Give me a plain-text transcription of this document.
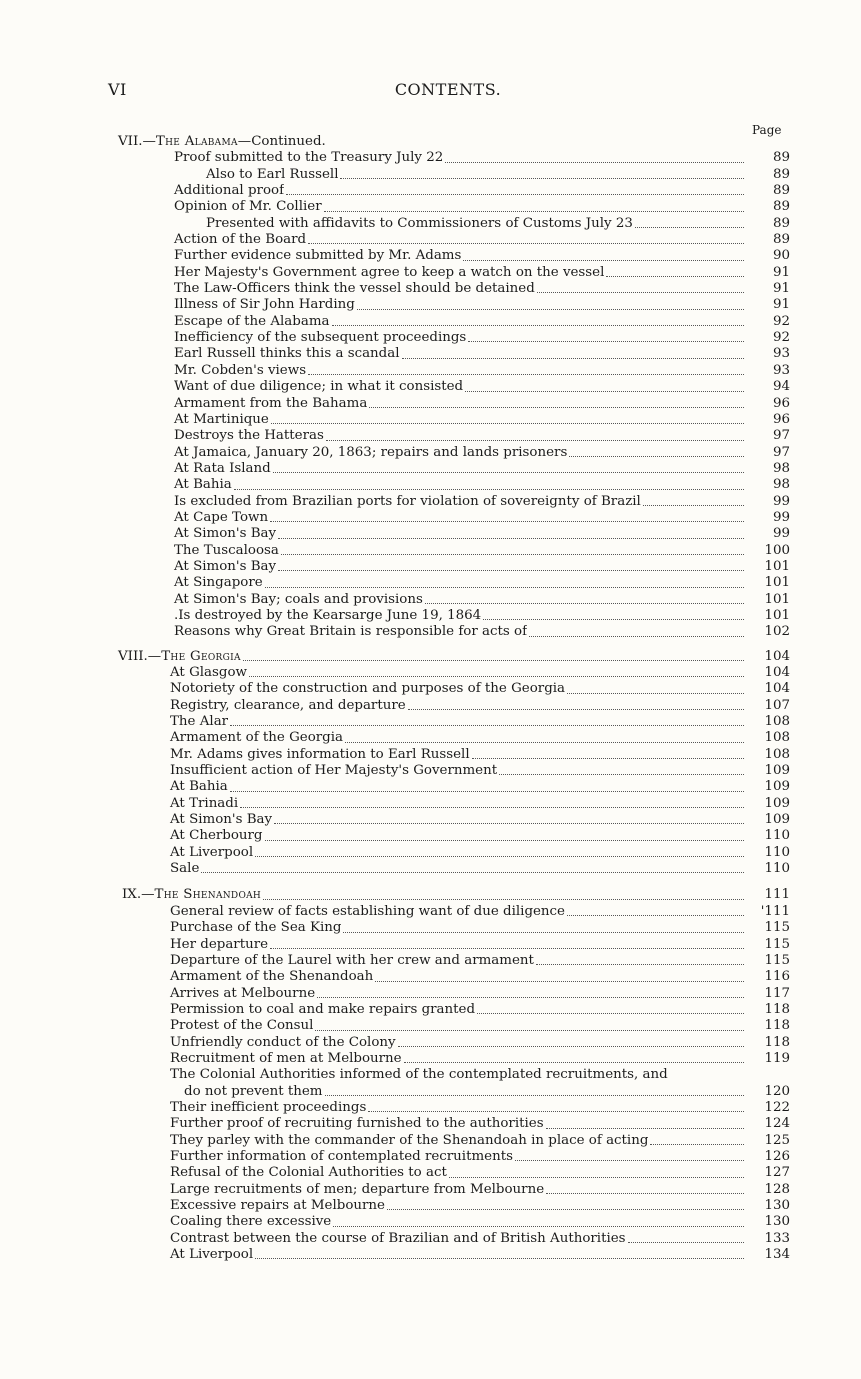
VI	CONTENTS.
Page
VII.—The Alabama—Continued.
Proof submitted to the Treasury July 22	89
Also to Earl Russell	89
Additional proof	89
Opinion of Mr. Collier	89
Presented with affidavits to Commissioners of Customs July 23	89
Action of the Board	89
Further evidence submitted by Mr. Adams	90
Her Majesty's Government agree to keep a watch on the vessel	91
The Law-Officers think the vessel should be detained	91
Illness of Sir John Harding	91
Escape of the Alabama	92
Inefficiency of the subsequent proceedings	92
Earl Russell thinks this a scandal	93
Mr. Cobden's views	93
Want of due diligence; in what it consisted	94
Armament from the Bahama	96
At Martinique	96
Destroys the Hatteras	97
At Jamaica, January 20, 1863; repairs and lands prisoners	97
At Rata Island	98
At Bahia	98
Is excluded from Brazilian ports for violation of sovereignty of Brazil	99
At Cape Town	99
At Simon's Bay	99
The Tuscaloosa	100
At Simon's Bay	101
At Singapore	101
At Simon's Bay; coals and provisions	101
.Is destroyed by the Kearsarge June 19, 1864	101
Reasons why Great Britain is responsible for acts of	102
VIII.—The Georgia	104
At Glasgow	104
Notoriety of the construction and purposes of the Georgia	104
Registry, clearance, and departure	107
The Alar	108
Armament of the Georgia	108
Mr. Adams gives information to Earl Russell	108
Insufficient action of Her Majesty's Government	109
At Bahia	109
At Trinadi	109
At Simon's Bay	109
At Cherbourg	110
At Liverpool	110
Sale	110
IX.—The Shenandoah	111
General review of facts establishing want of due diligence	'111
Purchase of the Sea King	115
Her departure	115
Departure of the Laurel with her crew and armament	115
Armament of the Shenandoah	116
Arrives at Melbourne	117
Permission to coal and make repairs granted	118
Protest of the Consul	118
Unfriendly conduct of the Colony	118
Recruitment of men at Melbourne	119
The Colonial Authorities informed of the contemplated recruitments, and
do not prevent them	120
Their inefficient proceedings	122
Further proof of recruiting furnished to the authorities	124
They parley with the commander of the Shenandoah in place of acting	125
Further information of contemplated recruitments	126
Refusal of the Colonial Authorities to act	127
Large recruitments of men; departure from Melbourne	128
Excessive repairs at Melbourne	130
Coaling there excessive	130
Contrast between the course of Brazilian and of British Authorities	133
At Liverpool	134
